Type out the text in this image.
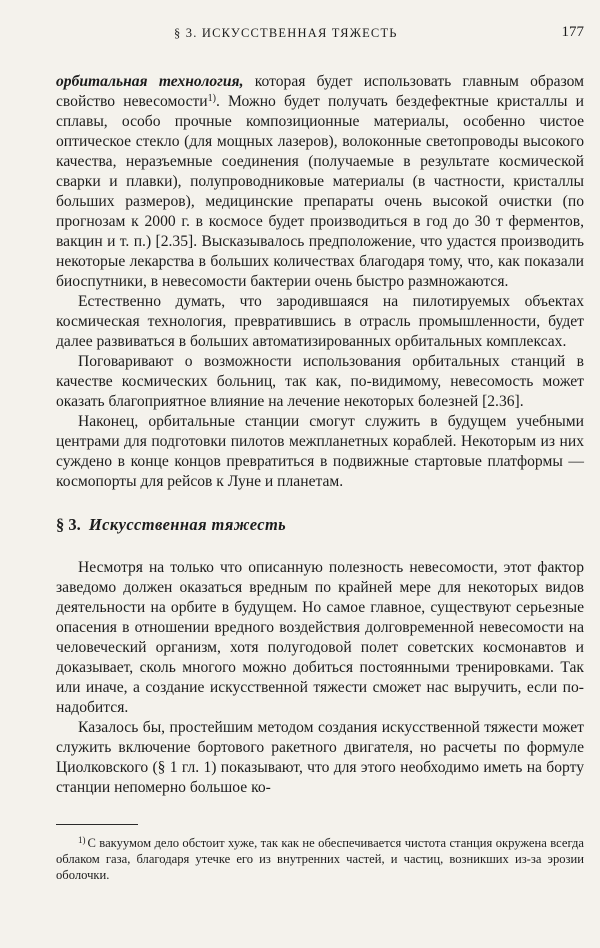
§ 3. ИСКУССТВЕННАЯ ТЯЖЕСТЬ	177

орбитальная технология, которая будет использовать главным образом свойство невесомости$^{1)}$. Можно будет получать бездефектные кристаллы и сплавы, особо прочные композиционные материалы, особенно чистое оптическое стекло (для мощных лазеров), волоконные светопроводы высокого качества, неразъемные соединения (получаемые в результате космической сварки и плавки), полупроводниковые материалы (в частности, кристаллы больших размеров), медицинские препараты очень высокой очистки (по прогнозам к 2000 г. в космосе будет производиться в год до 30 т ферментов, вакцин и т. п.) [2.35]. Высказывалось предположение, что удастся производить некоторые лекарства в больших количествах благодаря тому, что, как показали биоспутники, в невесомости бактерии очень быстро размножаются.

Естественно думать, что зародившаяся на пилотируемых объектах космическая технология, превратившись в отрасль промышленности, будет далее развиваться в больших автоматизированных орбитальных комплексах.

Поговаривают о возможности использования орбитальных станций в качестве космических больниц, так как, по-видимому, невесомость может оказать благоприятное влияние на лечение некоторых болезней [2.36].

Наконец, орбитальные станции смогут служить в будущем учебными центрами для подготовки пилотов межпланетных кораблей. Некоторым из них суждено в конце концов превратиться в подвижные стартовые платформы — космопорты для рейсов к Луне и планетам.

§ 3. Искусственная тяжесть

Несмотря на только что описанную полезность невесомости, этот фактор заведомо должен оказаться вредным по крайней мере для некоторых видов деятельности на орбите в будущем. Но самое главное, существуют серьезные опасения в отношении вредного воздействия долговременной невесомости на человеческий организм, хотя полугодовой полет советских космонавтов и доказывает, сколь многого можно добиться постоянными тренировками. Так или иначе, а создание искусственной тяжести сможет нас выручить, если понадобится.

Казалось бы, простейшим методом создания искусственной тяжести может служить включение бортового ракетного двигателя, но расчеты по формуле Циолковского (§ 1 гл. 1) показывают, что для этого необходимо иметь на борту станции непомерно большое ко-

$^{1)}$ С вакуумом дело обстоит хуже, так как не обеспечивается чистота станция окружена всегда облаком газа, благодаря утечке его из внутренних частей, и частиц, возникших из-за эрозии оболочки.
